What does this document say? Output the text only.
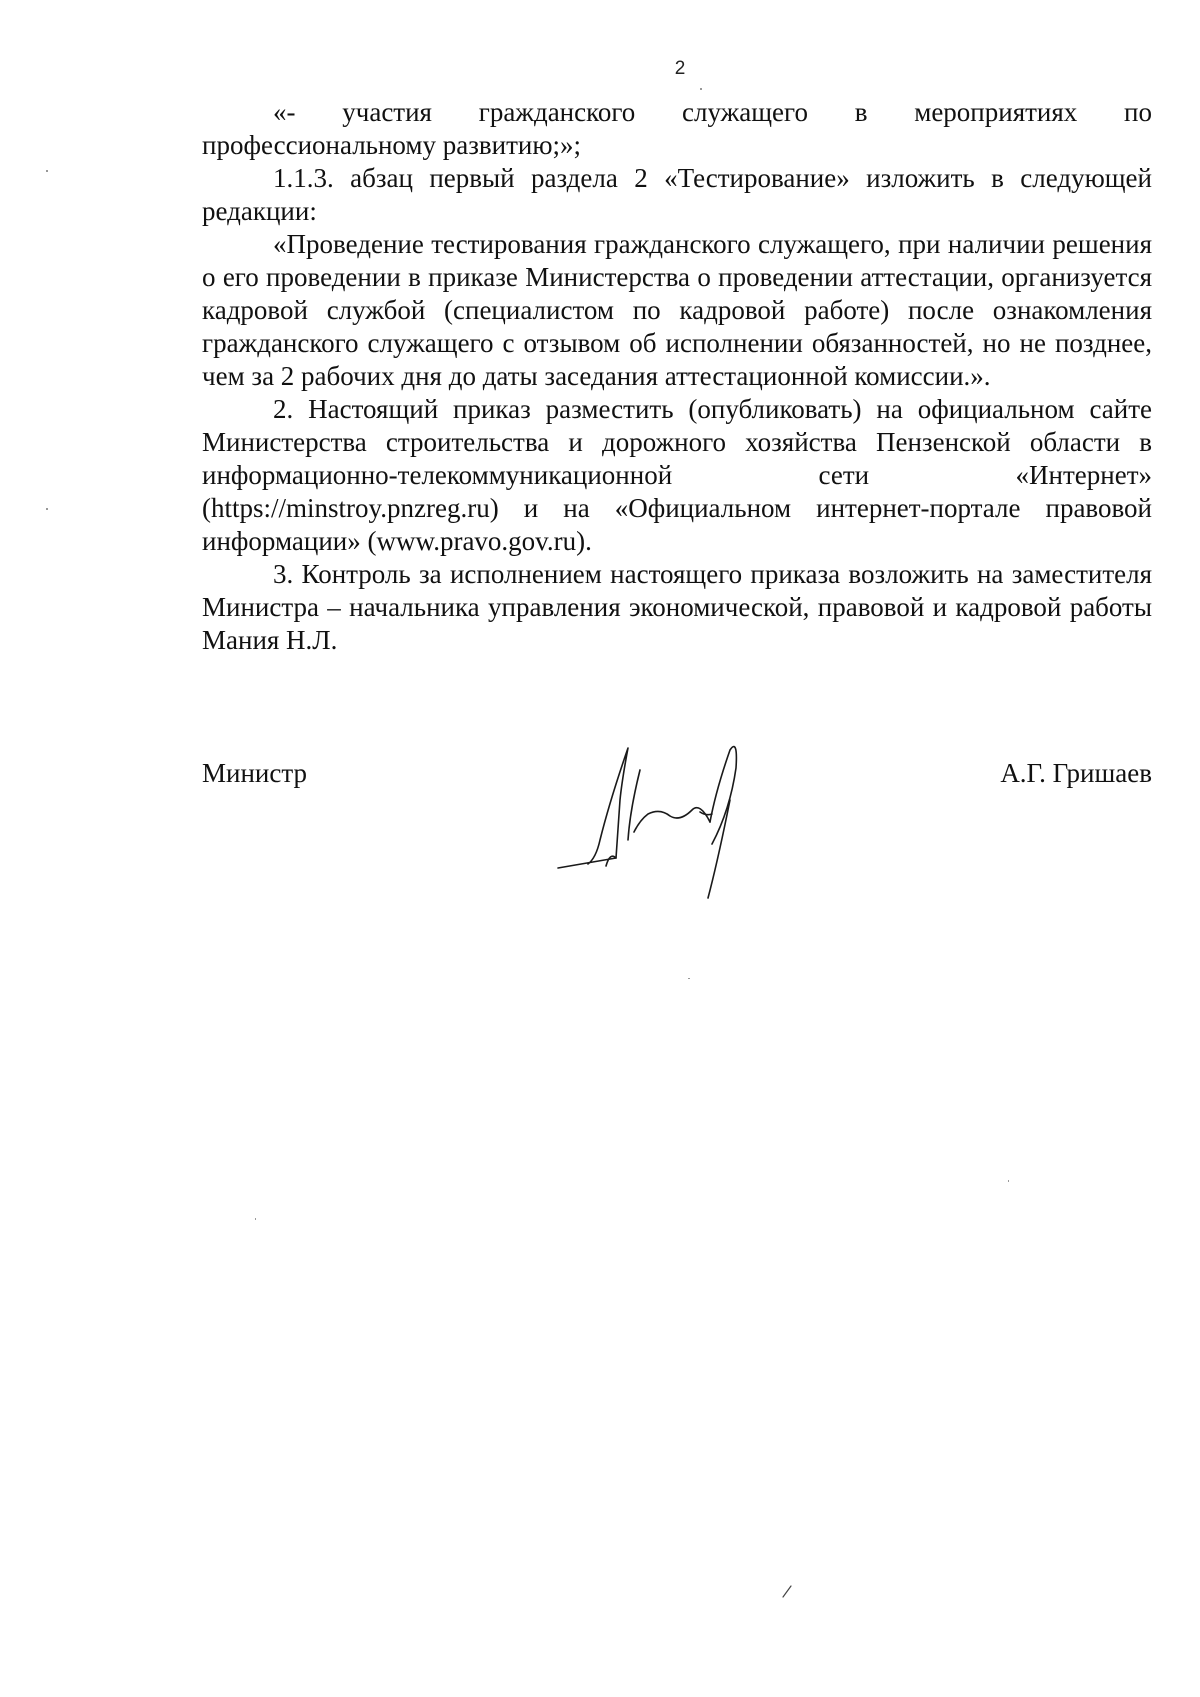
2

«- участия гражданского служащего в мероприятиях по профессиональному развитию;»;

1.1.3. абзац первый раздела 2 «Тестирование» изложить в следующей редакции:

«Проведение тестирования гражданского служащего, при наличии решения о его проведении в приказе Министерства о проведении аттестации, организуется кадровой службой (специалистом по кадровой работе) после ознакомления гражданского служащего с отзывом об исполнении обязанностей, но не позднее, чем за 2 рабочих дня до даты заседания аттестационной комиссии.».

2. Настоящий приказ разместить (опубликовать) на официальном сайте Министерства строительства и дорожного хозяйства Пензенской области в информационно-телекоммуникационной сети «Интернет» (https://minstroy.pnzreg.ru) и на «Официальном интернет-портале правовой информации» (www.pravo.gov.ru).

3. Контроль за исполнением настоящего приказа возложить на заместителя Министра – начальника управления экономической, правовой и кадровой работы Мания Н.Л.

Министр	А.Г. Гришаев
